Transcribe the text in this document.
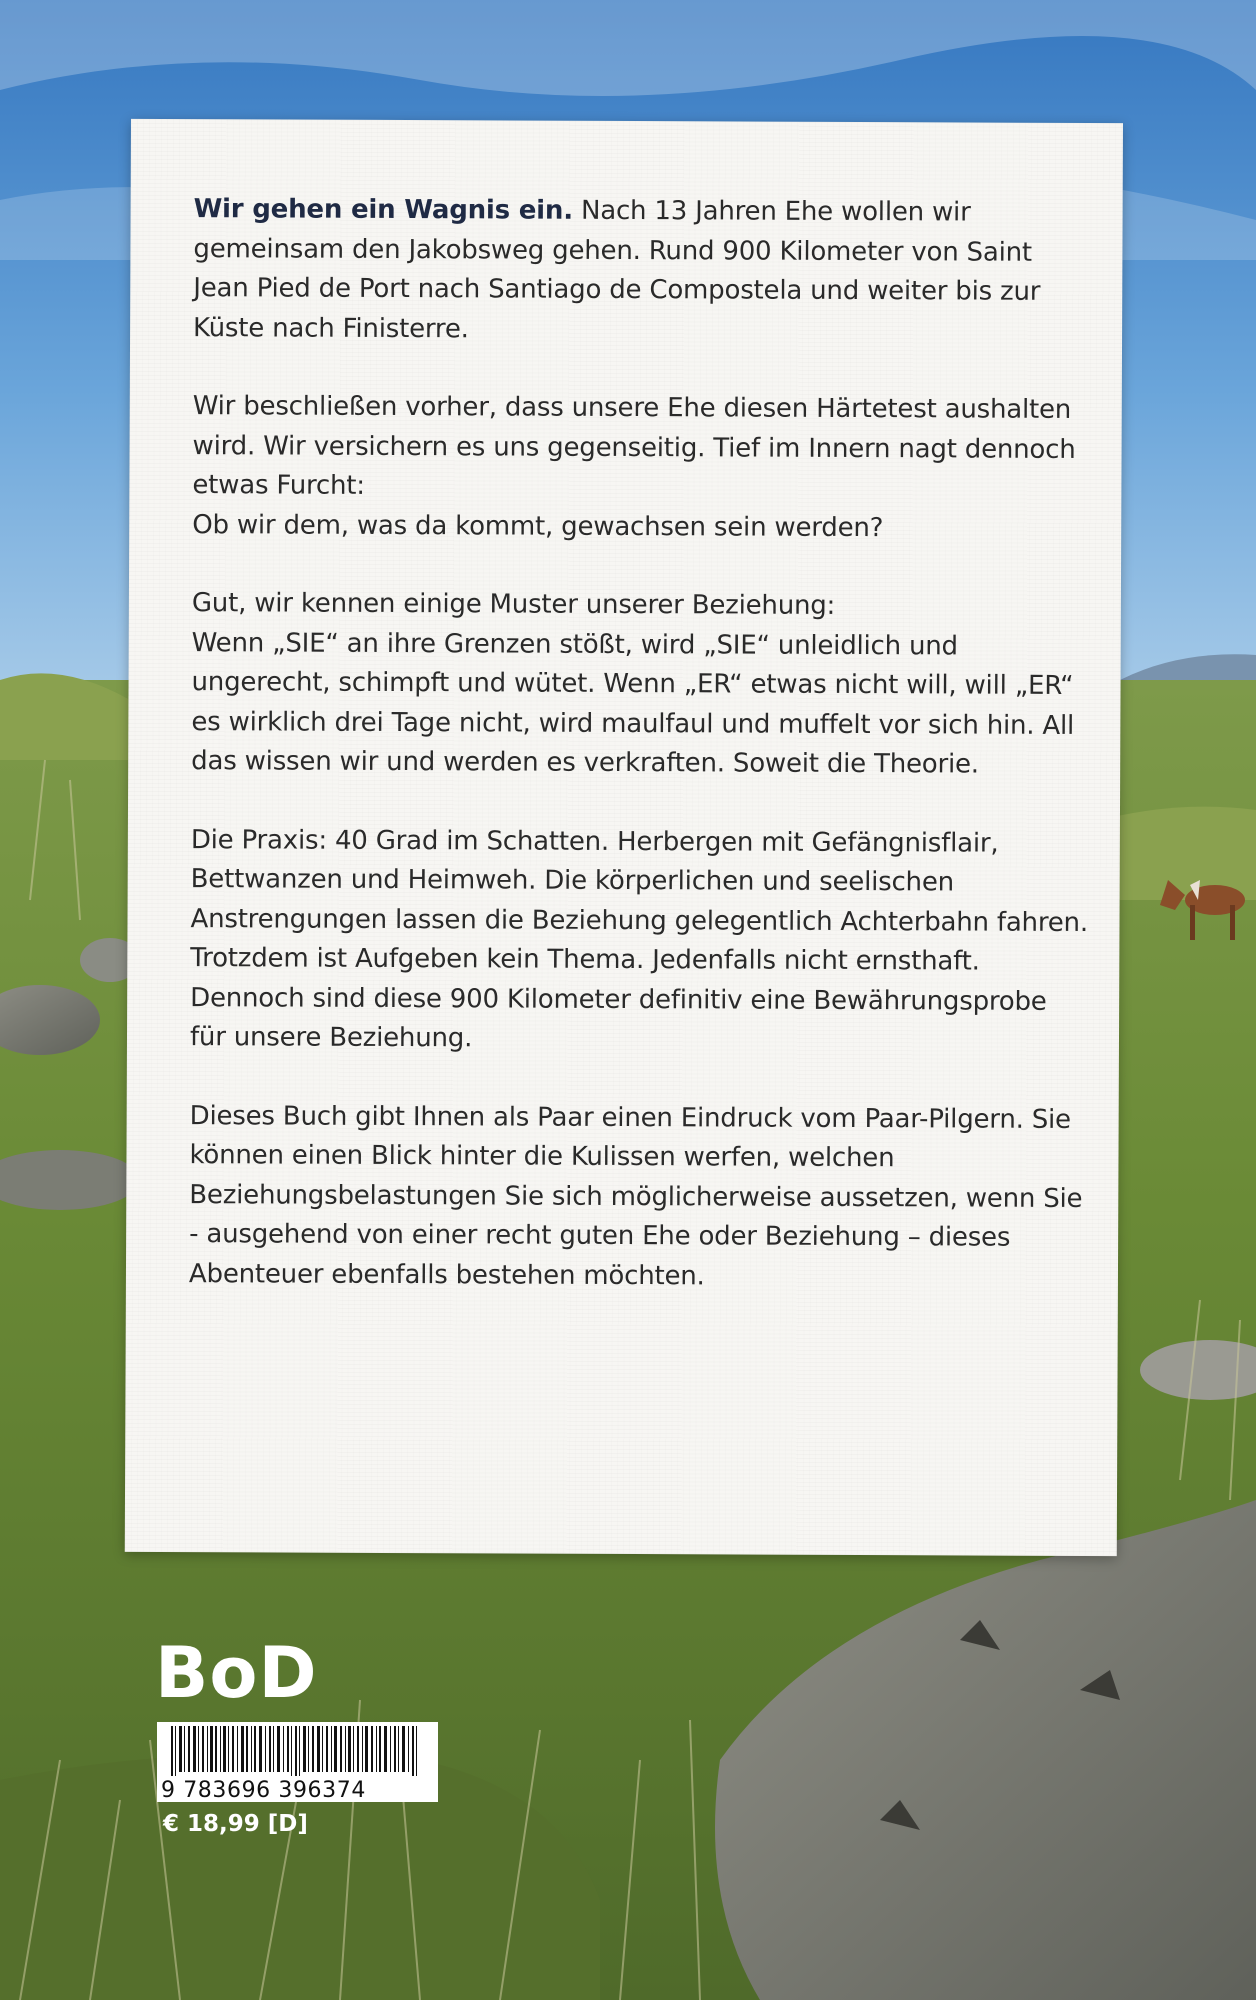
Wir gehen ein Wagnis ein. Nach 13 Jahren Ehe wollen wir gemeinsam den Jakobsweg gehen. Rund 900 Kilometer von Saint Jean Pied de Port nach Santiago de Compostela und weiter bis zur Küste nach Finisterre.

Wir beschließen vorher, dass unsere Ehe diesen Härtetest aushalten wird. Wir versichern es uns gegenseitig. Tief im Innern nagt dennoch etwas Furcht:
Ob wir dem, was da kommt, gewachsen sein werden?

Gut, wir kennen einige Muster unserer Beziehung:
Wenn „SIE“ an ihre Grenzen stößt, wird „SIE“ unleidlich und ungerecht, schimpft und wütet. Wenn „ER“ etwas nicht will, will „ER“ es wirklich drei Tage nicht, wird maulfaul und muffelt vor sich hin. All das wissen wir und werden es verkraften. Soweit die Theorie.

Die Praxis: 40 Grad im Schatten. Herbergen mit Gefängnisflair, Bettwanzen und Heimweh. Die körperlichen und seelischen Anstrengungen lassen die Beziehung gelegentlich Achterbahn fahren. Trotzdem ist Aufgeben kein Thema. Jedenfalls nicht ernsthaft. Dennoch sind diese 900 Kilometer definitiv eine Bewährungsprobe für unsere Beziehung.

Dieses Buch gibt Ihnen als Paar einen Eindruck vom Paar-Pilgern. Sie können einen Blick hinter die Kulissen werfen, welchen Beziehungsbelastungen Sie sich möglicherweise aussetzen, wenn Sie - ausgehend von einer recht guten Ehe oder Beziehung – dieses Abenteuer ebenfalls bestehen möchten.

BoD
9 783696 396374
€ 18,99 [D]
